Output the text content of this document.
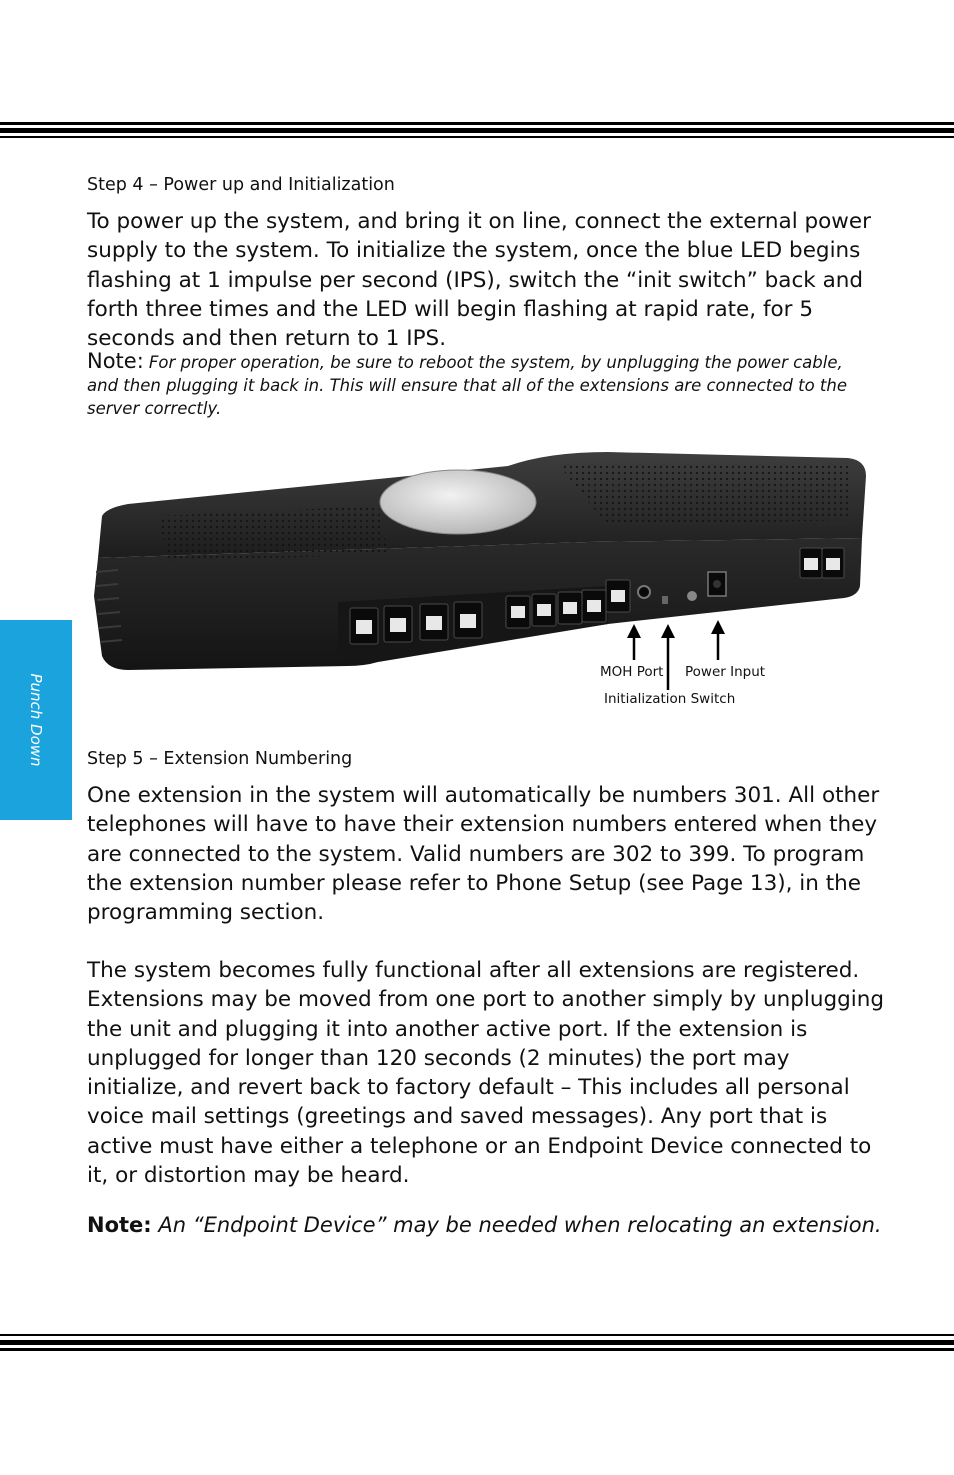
Step 4 – Power up and Initialization
To power up the system, and bring it on line, connect the external power supply to the system. To initialize the system, once the blue LED begins flashing at 1 impulse per second (IPS), switch the “init switch” back and forth three times and the LED will begin flashing at rapid rate, for 5 seconds and then return to 1 IPS.
Note: For proper operation, be sure to reboot the system, by unplugging the power cable, and then plugging it back in. This will ensure that all of the extensions are connected to the server correctly.
MOH Port Power Input
Initialization Switch
Step 5 – Extension Numbering
One extension in the system will automatically be numbers 301. All other telephones will have to have their extension numbers entered when they are connected to the system. Valid numbers are 302 to 399. To program the extension number please refer to Phone Setup (see Page 13), in the programming section.
The system becomes fully functional after all extensions are registered. Extensions may be moved from one port to another simply by unplugging the unit and plugging it into another active port. If the extension is unplugged for longer than 120 seconds (2 minutes) the port may initialize, and revert back to factory default – This includes all personal voice mail settings (greetings and saved messages). Any port that is active must have either a telephone or an Endpoint Device connected to it, or distortion may be heard.
Note: An “Endpoint Device” may be needed when relocating an extension.
Punch Down
